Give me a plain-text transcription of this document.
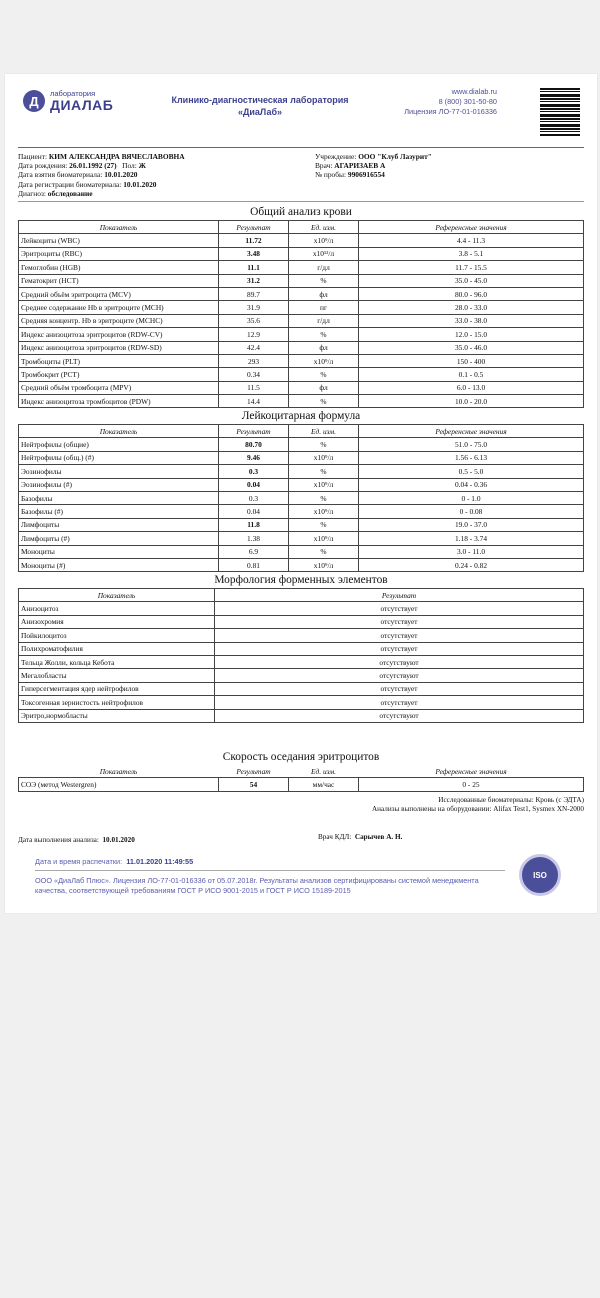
Д	лаборатория
ДИАЛАБ	Клинико-диагностическая лаборатория
«ДиаЛаб»
www.dialab.ru
8 (800) 301-50-80
Лицензия ЛО-77-01-016336
Пациент: КИМ АЛЕКСАНДРА ВЯЧЕСЛАВОВНА
Дата рождения: 26.01.1992 (27) Пол: Ж
Дата взятия биоматериала: 10.01.2020
Дата регистрации биоматериала: 10.01.2020
Диагноз: обследование
Учреждение: ООО "Клуб Лазурит"
Врач: АГАРИЗАЕВ А
№ пробы: 9906916554
Общий анализ крови
Показатель	Результат	Ед. изм.	Референсные значения
Лейкоциты (WBC)	11.72	x10⁹/л	4.4 - 11.3
Эритроциты (RBC)	3.48	x10¹²/л	3.8 - 5.1
Гемоглобин (HGB)	11.1	г/дл	11.7 - 15.5
Гематокрит (HCT)	31.2	%	35.0 - 45.0
Средний объём эритроцита (MCV)	89.7	фл	80.0 - 96.0
Среднее содержание Hb в эритроците (MCH)	31.9	пг	28.0 - 33.0
Средняя концентр. Hb в эритроците (MCHC)	35.6	г/дл	33.0 - 38.0
Индекс анизоцитоза эритроцитов (RDW-CV)	12.9	%	12.0 - 15.0
Индекс анизоцитоза эритроцитов (RDW-SD)	42.4	фл	35.0 - 46.0
Тромбоциты (PLT)	293	x10⁹/л	150 - 400
Тромбокрит (PCT)	0.34	%	0.1 - 0.5
Средний объём тромбоцита (MPV)	11.5	фл	6.0 - 13.0
Индекс анизоцитоза тромбоцитов (PDW)	14.4	%	10.0 - 20.0
Лейкоцитарная формула
Показатель	Результат	Ед. изм.	Референсные значения
Нейтрофилы (общие)	80.70	%	51.0 - 75.0
Нейтрофилы (общ.) (#)	9.46	x10⁹/л	1.56 - 6.13
Эозинофилы	0.3	%	0.5 - 5.0
Эозинофилы (#)	0.04	x10⁹/л	0.04 - 0.36
Базофилы	0.3	%	0 - 1.0
Базофилы (#)	0.04	x10⁹/л	0 - 0.08
Лимфоциты	11.8	%	19.0 - 37.0
Лимфоциты (#)	1.38	x10⁹/л	1.18 - 3.74
Моноциты	6.9	%	3.0 - 11.0
Моноциты (#)	0.81	x10⁹/л	0.24 - 0.82
Морфология форменных элементов
Показатель	Результат
Анизоцитоз	отсутствует
Анизохромия	отсутствует
Пойкилоцитоз	отсутствует
Полихроматофилия	отсутствует
Тельца Жолли, кольца Кебота	отсутствуют
Мегалобласты	отсутствуют
Гиперсегментация ядер нейтрофилов	отсутствует
Токсогенная зернистость нейтрофилов	отсутствует
Эритро,нормобласты	отсутствуют
Скорость оседания эритроцитов
Показатель	Результат	Ед. изм.	Референсные значения
СОЭ (метод Westergren)	54	мм/час	0 - 25
Исследованные биоматериалы: Кровь (с ЭДТА)
Анализы выполнены на оборудовании: Alifax Test1, Sysmex XN-2000
Дата выполнения анализа: 10.01.2020	Врач КДЛ: Сарычев А. Н.
Дата и время распечатки: 11.01.2020 11:49:55
ООО «ДиаЛаб Плюс». Лицензия ЛО-77-01-016336 от 05.07.2018г. Результаты анализов сертифицированы системой менеджмента качества, соответствующей требованиям ГОСТ Р ИСО 9001-2015 и ГОСТ Р ИСО 15189-2015
ISO
